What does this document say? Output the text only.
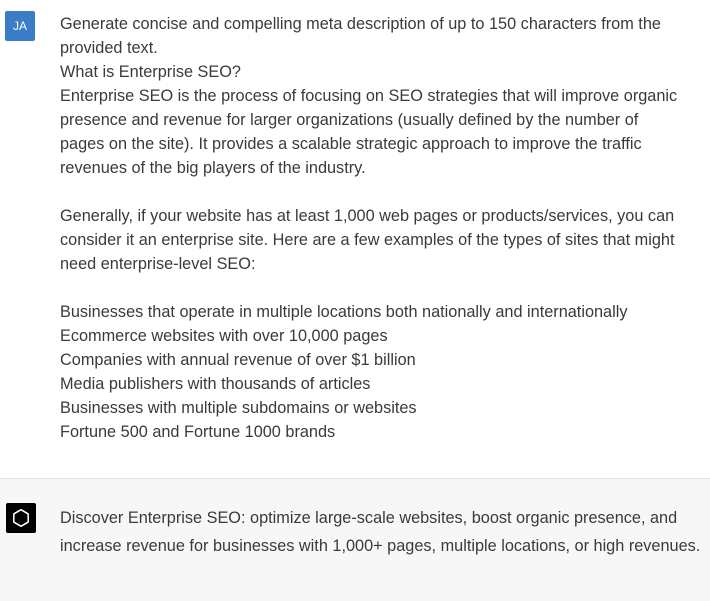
JA	Generate concise and compelling meta description of up to 150 characters from the
provided text.
What is Enterprise SEO?
Enterprise SEO is the process of focusing on SEO strategies that will improve organic
presence and revenue for larger organizations (usually defined by the number of
pages on the site). It provides a scalable strategic approach to improve the traffic
revenues of the big players of the industry.
Generally, if your website has at least 1,000 web pages or products/services, you can
consider it an enterprise site. Here are a few examples of the types of sites that might
need enterprise-level SEO:
Businesses that operate in multiple locations both nationally and internationally
Ecommerce websites with over 10,000 pages
Companies with annual revenue of over $1 billion
Media publishers with thousands of articles
Businesses with multiple subdomains or websites
Fortune 500 and Fortune 1000 brands
Discover Enterprise SEO: optimize large-scale websites, boost organic presence, and increase revenue for businesses with 1,000+ pages, multiple locations, or high revenues.
